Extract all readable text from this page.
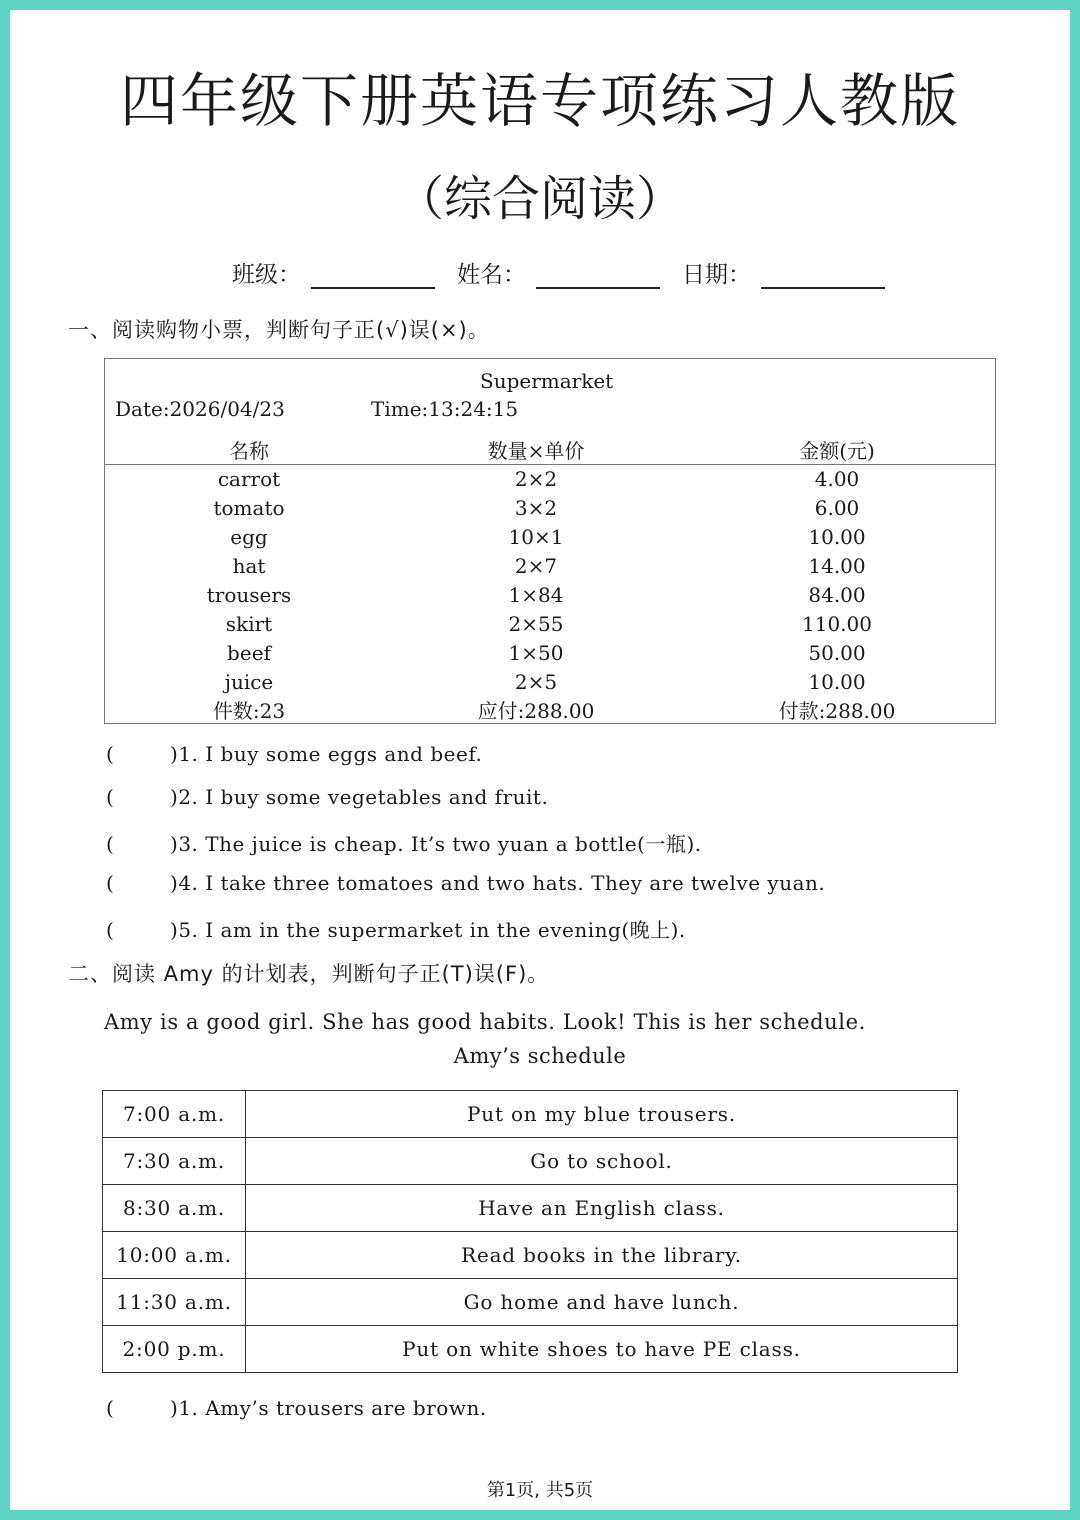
四年级下册英语专项练习人教版
（综合阅读）
班级：	姓名：	日期：
一、阅读购物小票，判断句子正(√)误(×)。
Supermarket
Date:2026/04/23	Time:13:24:15
名称	数量×单价	金额(元)
carrot	2×2	4.00
tomato	3×2	6.00
egg	10×1	10.00
hat	2×7	14.00
trousers	1×84	84.00
skirt	2×55	110.00
beef	1×50	50.00
juice	2×5	10.00
件数:23	应付:288.00	付款:288.00
(	)1. I buy some eggs and beef.
(	)2. I buy some vegetables and fruit.
(	)3. The juice is cheap. It’s two yuan a bottle(一瓶).
(	)4. I take three tomatoes and two hats. They are twelve yuan.
(	)5. I am in the supermarket in the evening(晚上).
二、阅读 Amy 的计划表，判断句子正(T)误(F)。
Amy is a good girl. She has good habits. Look! This is her schedule.
Amy’s schedule
7:00 a.m.	Put on my blue trousers.
7:30 a.m.	Go to school.
8:30 a.m.	Have an English class.
10:00 a.m.	Read books in the library.
11:30 a.m.	Go home and have lunch.
2:00 p.m.	Put on white shoes to have PE class.
(	)1. Amy’s trousers are brown.
第1页, 共5页
